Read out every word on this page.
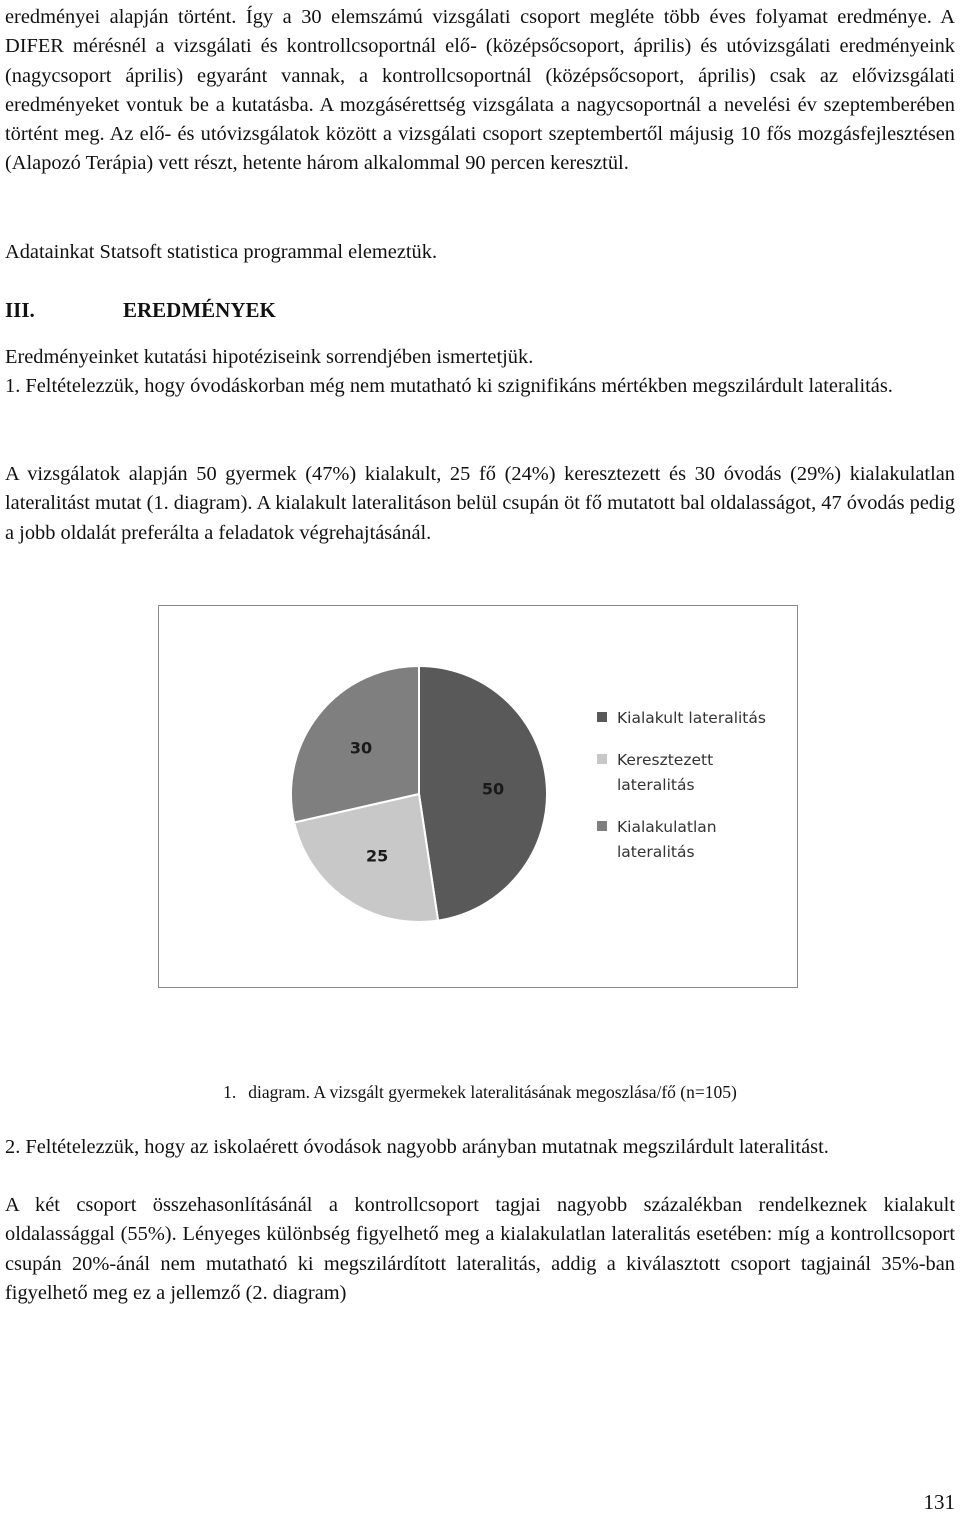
eredményei alapján történt. Így a 30 elemszámú vizsgálati csoport megléte több éves folyamat eredménye. A DIFER mérésnél a vizsgálati és kontrollcsoportnál elő- (középsőcsoport, április) és utóvizsgálati eredményeink (nagycsoport április) egyaránt vannak, a kontrollcsoportnál (középsőcsoport, április) csak az elővizsgálati eredményeket vontuk be a kutatásba. A mozgásérettség vizsgálata a nagycsoportnál a nevelési év szeptemberében történt meg. Az elő- és utóvizsgálatok között a vizsgálati csoport szeptembertől májusig 10 fős mozgásfejlesztésen (Alapozó Terápia) vett részt, hetente három alkalommal 90 percen keresztül.

Adatainkat Statsoft statistica programmal elemeztük.

III.	EREDMÉNYEK

Eredményeinket kutatási hipotéziseink sorrendjében ismertetjük.

1. Feltételezzük, hogy óvodáskorban még nem mutatható ki szignifikáns mértékben megszilárdult lateralitás.

A vizsgálatok alapján 50 gyermek (47%) kialakult, 25 fő (24%) keresztezett és 30 óvodás (29%) kialakulatlan lateralitást mutat (1. diagram). A kialakult lateralitáson belül csupán öt fő mutatott bal oldalasságot, 47 óvodás pedig a jobb oldalát preferálta a feladatok végrehajtásánál.

50
25
30
Kialakult lateralitás
Keresztezett lateralitás
Kialakulatlan lateralitás

1. diagram. A vizsgált gyermekek lateralitásának megoszlása/fő (n=105)

2. Feltételezzük, hogy az iskolaérett óvodások nagyobb arányban mutatnak megszilárdult lateralitást.

A két csoport összehasonlításánál a kontrollcsoport tagjai nagyobb százalékban rendelkeznek kialakult oldalassággal (55%). Lényeges különbség figyelhető meg a kialakulatlan lateralitás esetében: míg a kontrollcsoport csupán 20%-ánál nem mutatható ki megszilárdított lateralitás, addig a kiválasztott csoport tagjainál 35%-ban figyelhető meg ez a jellemző (2. diagram)

131
